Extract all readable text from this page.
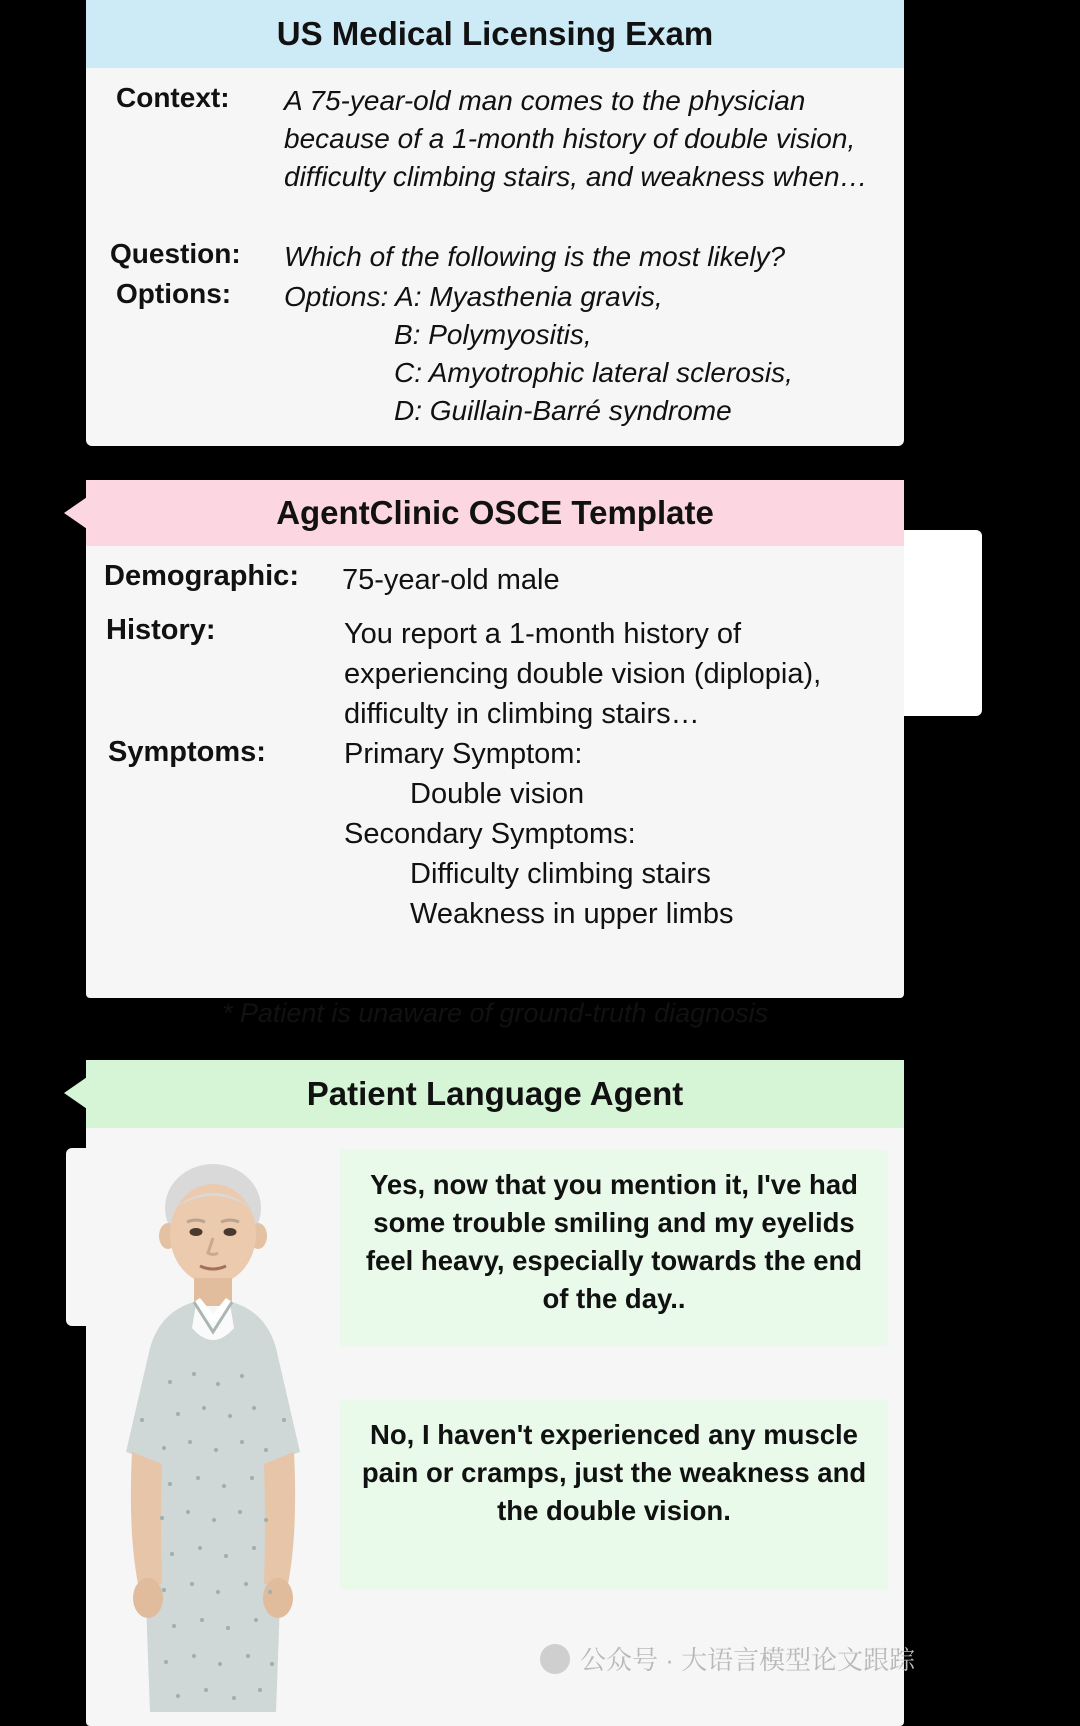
US Medical Licensing Exam
Context: A 75-year-old man comes to the physician because of a 1-month history of double vision, difficulty climbing stairs, and weakness when…
Question: Which of the following is the most likely?
Options: Options: A: Myasthenia gravis,
B: Polymyositis,
C: Amyotrophic lateral sclerosis,
D: Guillain-Barré syndrome
AgentClinic OSCE Template
Demographic: 75-year-old male
History:	You report a 1-month history of experiencing double vision (diplopia), difficulty in climbing stairs…
Symptoms:	Primary Symptom:
Double vision
Secondary Symptoms:
Difficulty climbing stairs
Weakness in upper limbs
* Patient is unaware of ground-truth diagnosis
Patient Language Agent
Yes, now that you mention it, I've had some trouble smiling and my eyelids feel heavy, especially towards the end of the day..
No, I haven't experienced any muscle pain or cramps, just the weakness and the double vision.
公众号 · 大语言模型论文跟踪
